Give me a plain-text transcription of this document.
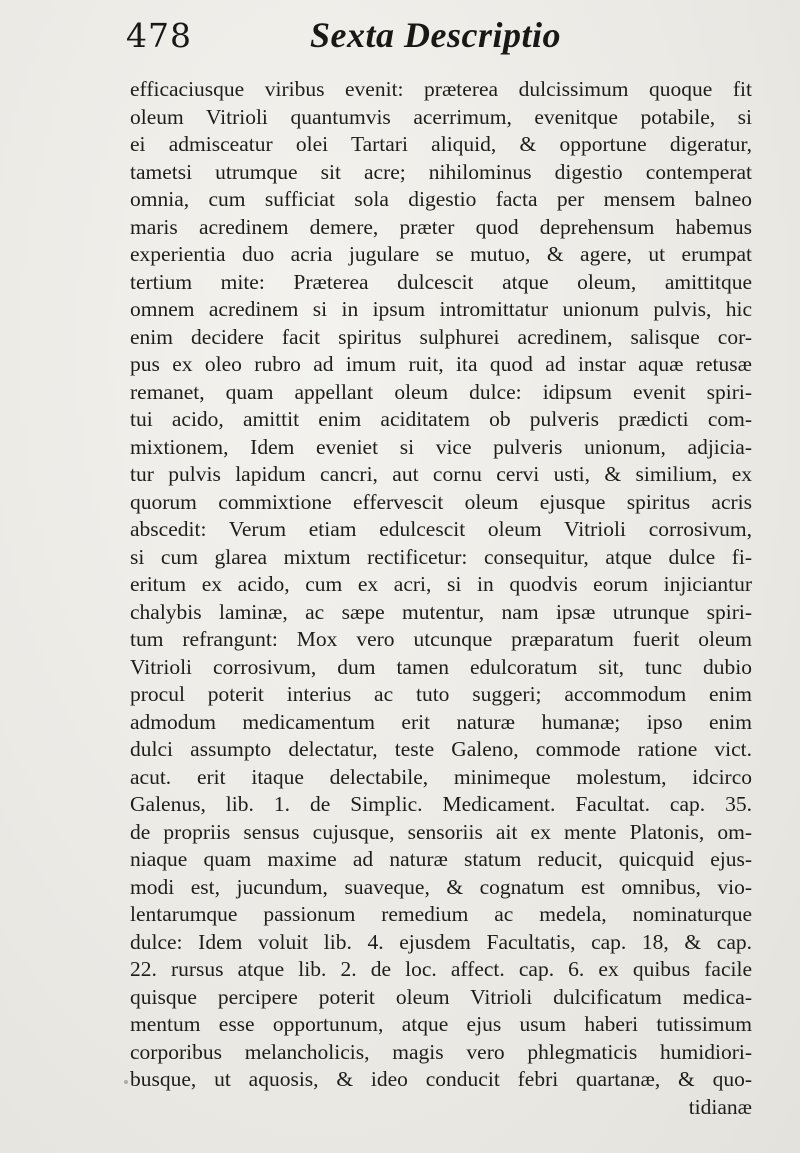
478	Sexta Descriptio
efficaciusque viribus evenit: præterea dulcissimum quoque fit
oleum Vitrioli quantumvis acerrimum, evenitque potabile, si
ei admisceatur olei Tartari aliquid, & opportune digeratur,
tametsi utrumque sit acre; nihilominus digestio contemperat
omnia, cum sufficiat sola digestio facta per mensem balneo
maris acredinem demere, præter quod deprehensum habemus
experientia duo acria jugulare se mutuo, & agere, ut erumpat
tertium mite: Præterea dulcescit atque oleum, amittitque
omnem acredinem si in ipsum intromittatur unionum pulvis, hic
enim decidere facit spiritus sulphurei acredinem, salisque cor-
pus ex oleo rubro ad imum ruit, ita quod ad instar aquæ retusæ
remanet, quam appellant oleum dulce: idipsum evenit spiri-
tui acido, amittit enim aciditatem ob pulveris prædicti com-
mixtionem, Idem eveniet si vice pulveris unionum, adjicia-
tur pulvis lapidum cancri, aut cornu cervi usti, & similium, ex
quorum commixtione effervescit oleum ejusque spiritus acris
abscedit: Verum etiam edulcescit oleum Vitrioli corrosivum,
si cum glarea mixtum rectificetur: consequitur, atque dulce fi-
eritum ex acido, cum ex acri, si in quodvis eorum injiciantur
chalybis laminæ, ac sæpe mutentur, nam ipsæ utrunque spiri-
tum refrangunt: Mox vero utcunque præparatum fuerit oleum
Vitrioli corrosivum, dum tamen edulcoratum sit, tunc dubio
procul poterit interius ac tuto suggeri; accommodum enim
admodum medicamentum erit naturæ humanæ; ipso enim
dulci assumpto delectatur, teste Galeno, commode ratione vict.
acut. erit itaque delectabile, minimeque molestum, idcirco
Galenus, lib. 1. de Simplic. Medicament. Facultat. cap. 35.
de propriis sensus cujusque, sensoriis ait ex mente Platonis, om-
niaque quam maxime ad naturæ statum reducit, quicquid ejus-
modi est, jucundum, suaveque, & cognatum est omnibus, vio-
lentarumque passionum remedium ac medela, nominaturque
dulce: Idem voluit lib. 4. ejusdem Facultatis, cap. 18, & cap.
22. rursus atque lib. 2. de loc. affect. cap. 6. ex quibus facile
quisque percipere poterit oleum Vitrioli dulcificatum medica-
mentum esse opportunum, atque ejus usum haberi tutissimum
corporibus melancholicis, magis vero phlegmaticis humidiori-
busque, ut aquosis, & ideo conducit febri quartanæ, & quo-
tidianæ
